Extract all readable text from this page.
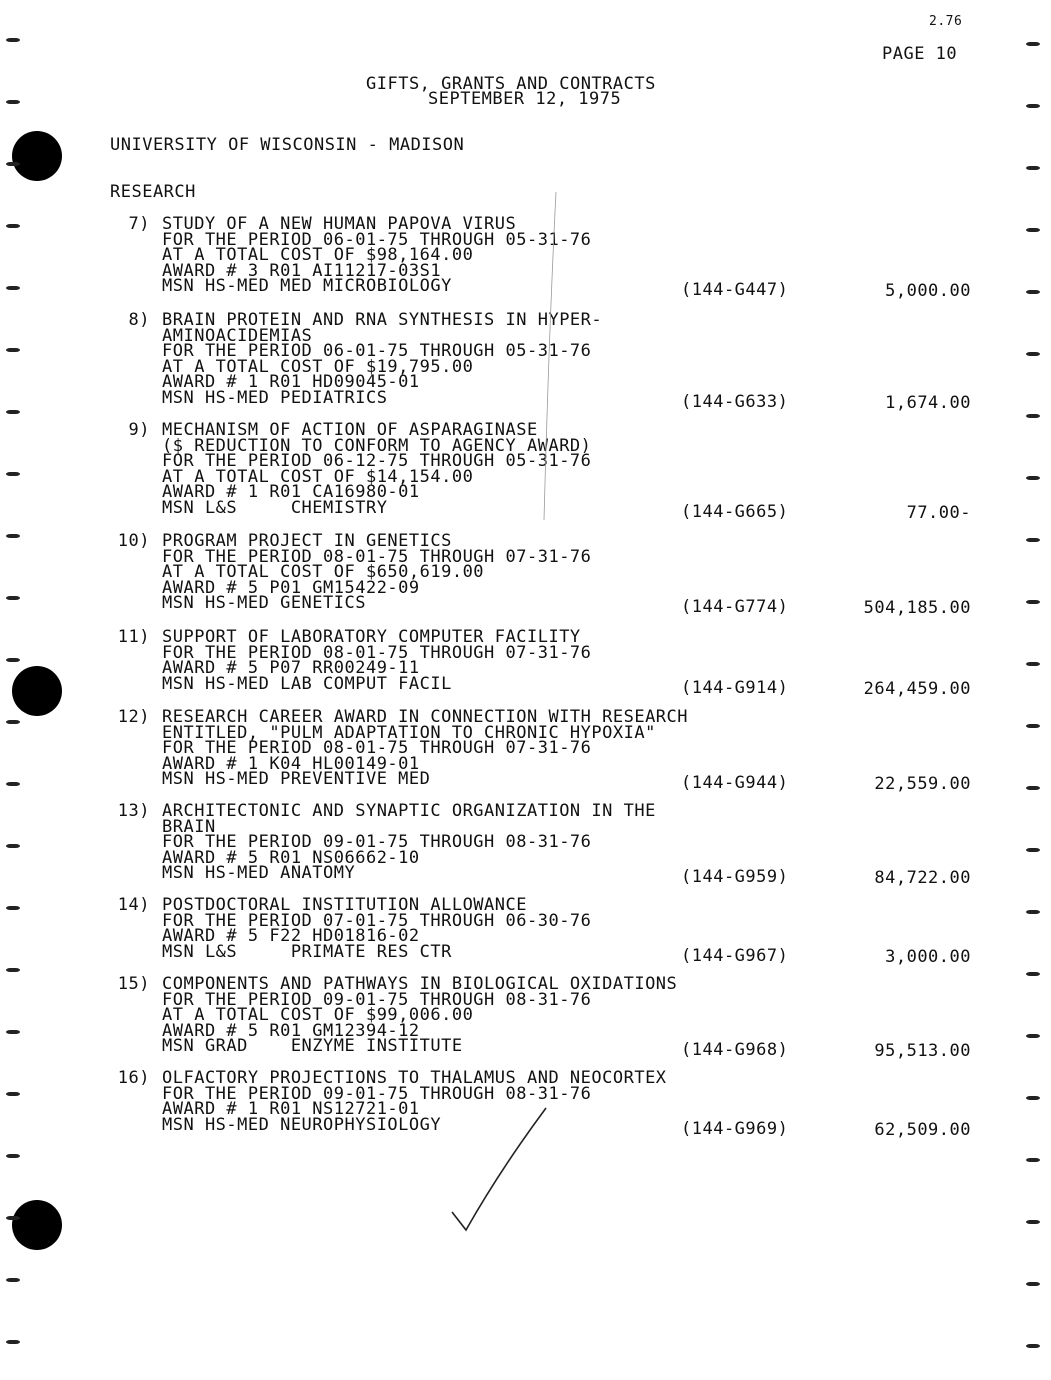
2.76
PAGE 10
GIFTS, GRANTS AND CONTRACTS
SEPTEMBER 12, 1975
UNIVERSITY OF WISCONSIN - MADISON
RESEARCH
7) STUDY OF A NEW HUMAN PAPOVA VIRUS
FOR THE PERIOD 06-01-75 THROUGH 05-31-76
AT A TOTAL COST OF $98,164.00
AWARD # 3 R01 AI11217-03S1
MSN HS-MED MED MICROBIOLOGY	(144-G447)	5,000.00
8) BRAIN PROTEIN AND RNA SYNTHESIS IN HYPER-
AMINOACIDEMIAS
FOR THE PERIOD 06-01-75 THROUGH 05-31-76
AT A TOTAL COST OF $19,795.00
AWARD # 1 R01 HD09045-01
MSN HS-MED PEDIATRICS	(144-G633)	1,674.00
9) MECHANISM OF ACTION OF ASPARAGINASE
($ REDUCTION TO CONFORM TO AGENCY AWARD)
FOR THE PERIOD 06-12-75 THROUGH 05-31-76
AT A TOTAL COST OF $14,154.00
AWARD # 1 R01 CA16980-01
MSN L&S     CHEMISTRY	(144-G665)	77.00-
10) PROGRAM PROJECT IN GENETICS
FOR THE PERIOD 08-01-75 THROUGH 07-31-76
AT A TOTAL COST OF $650,619.00
AWARD # 5 P01 GM15422-09
MSN HS-MED GENETICS	(144-G774)	504,185.00
11) SUPPORT OF LABORATORY COMPUTER FACILITY
FOR THE PERIOD 08-01-75 THROUGH 07-31-76
AWARD # 5 P07 RR00249-11
MSN HS-MED LAB COMPUT FACIL	(144-G914)	264,459.00
12) RESEARCH CAREER AWARD IN CONNECTION WITH RESEARCH
ENTITLED, "PULM ADAPTATION TO CHRONIC HYPOXIA"
FOR THE PERIOD 08-01-75 THROUGH 07-31-76
AWARD # 1 K04 HL00149-01
MSN HS-MED PREVENTIVE MED	(144-G944)	22,559.00
13) ARCHITECTONIC AND SYNAPTIC ORGANIZATION IN THE
BRAIN
FOR THE PERIOD 09-01-75 THROUGH 08-31-76
AWARD # 5 R01 NS06662-10
MSN HS-MED ANATOMY	(144-G959)	84,722.00
14) POSTDOCTORAL INSTITUTION ALLOWANCE
FOR THE PERIOD 07-01-75 THROUGH 06-30-76
AWARD # 5 F22 HD01816-02
MSN L&S     PRIMATE RES CTR	(144-G967)	3,000.00
15) COMPONENTS AND PATHWAYS IN BIOLOGICAL OXIDATIONS
FOR THE PERIOD 09-01-75 THROUGH 08-31-76
AT A TOTAL COST OF $99,006.00
AWARD # 5 R01 GM12394-12
MSN GRAD    ENZYME INSTITUTE	(144-G968)	95,513.00
16) OLFACTORY PROJECTIONS TO THALAMUS AND NEOCORTEX
FOR THE PERIOD 09-01-75 THROUGH 08-31-76
AWARD # 1 R01 NS12721-01
MSN HS-MED NEUROPHYSIOLOGY	(144-G969)	62,509.00
